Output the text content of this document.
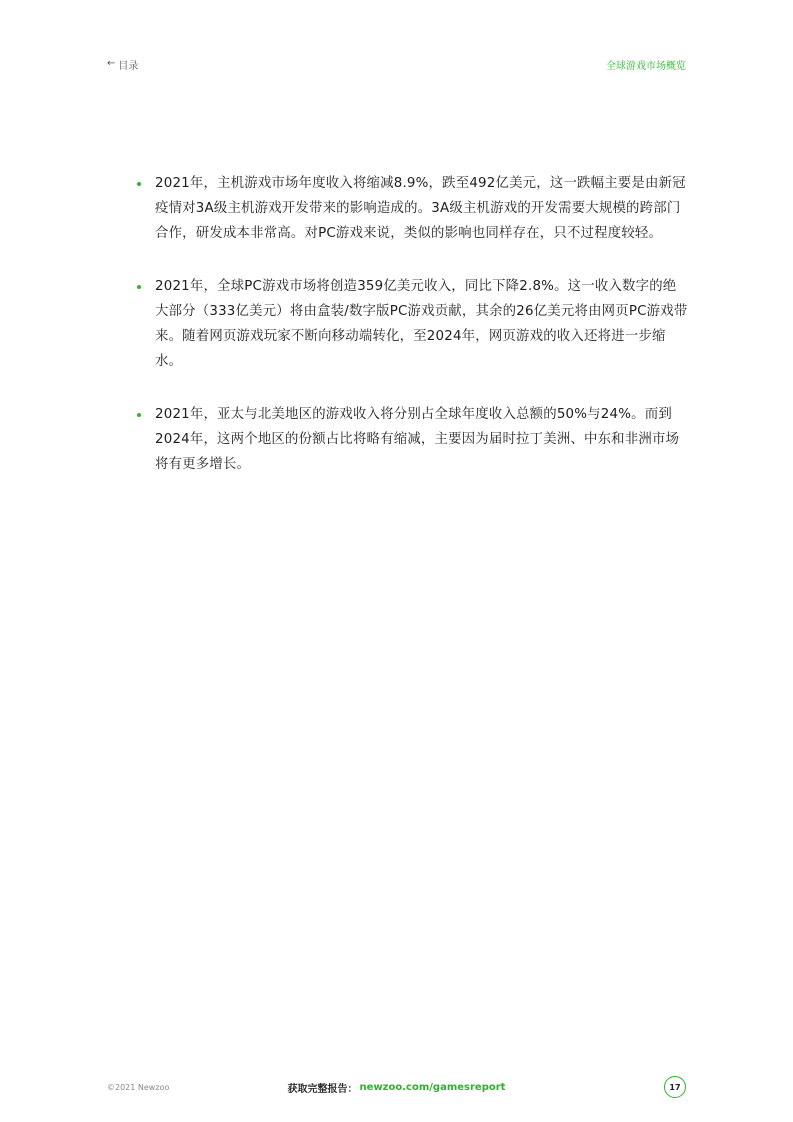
← 目录	全球游戏市场概览
2021年，主机游戏市场年度收入将缩减8.9%，跌至492亿美元，这一跌幅主要是由新冠疫情对3A级主机游戏开发带来的影响造成的。3A级主机游戏的开发需要大规模的跨部门合作，研发成本非常高。对PC游戏来说，类似的影响也同样存在，只不过程度较轻。
2021年，全球PC游戏市场将创造359亿美元收入，同比下降2.8%。这一收入数字的绝大部分（333亿美元）将由盒装/数字版PC游戏贡献，其余的26亿美元将由网页PC游戏带来。随着网页游戏玩家不断向移动端转化，至2024年，网页游戏的收入还将进一步缩水。
2021年，亚太与北美地区的游戏收入将分别占全球年度收入总额的50%与24%。而到2024年，这两个地区的份额占比将略有缩减，主要因为届时拉丁美洲、中东和非洲市场将有更多增长。
©2021 Newzoo	获取完整报告： newzoo.com/gamesreport	17
